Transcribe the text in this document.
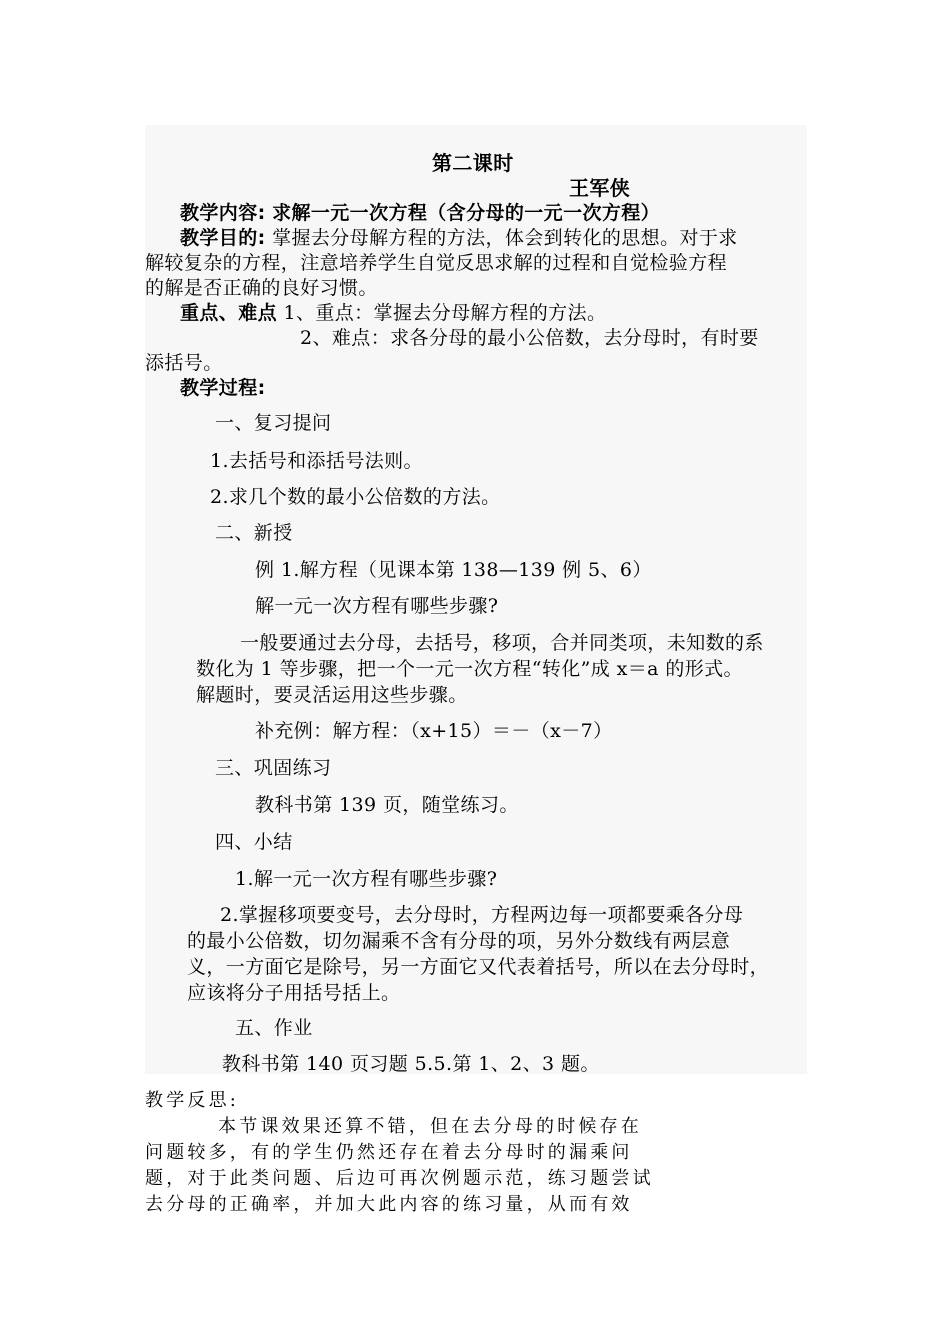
第二课时
王军侠
教学内容: 求解一元一次方程（含分母的一元一次方程）
教学目的: 掌握去分母解方程的方法，体会到转化的思想。对于求
解较复杂的方程，注意培养学生自觉反思求解的过程和自觉检验方程
的解是否正确的良好习惯。
重点、难点 1、重点：掌握去分母解方程的方法。
2、难点：求各分母的最小公倍数，去分母时，有时要
添括号。
教学过程:
一、复习提问
1.去括号和添括号法则。
2.求几个数的最小公倍数的方法。
二、新授
例 1.解方程（见课本第 138—139 例 5、6）
解一元一次方程有哪些步骤?
一般要通过去分母，去括号，移项，合并同类项，未知数的系
数化为 1 等步骤，把一个一元一次方程“转化”成 x＝a 的形式。
解题时，要灵活运用这些步骤。
补充例：解方程：（x+15）＝－（x－7）
三、巩固练习
教科书第 139 页，随堂练习。
四、小结
1.解一元一次方程有哪些步骤?
2.掌握移项要变号，去分母时，方程两边每一项都要乘各分母
的最小公倍数，切勿漏乘不含有分母的项，另外分数线有两层意
义，一方面它是除号，另一方面它又代表着括号，所以在去分母时，
应该将分子用括号括上。
五、作业
教科书第 140 页习题 5.5.第 1、2、3 题。
教学反思:
本节课效果还算不错，但在去分母的时候存在
问题较多，有的学生仍然还存在着去分母时的漏乘问
题，对于此类问题、后边可再次例题示范，练习题尝试
去分母的正确率，并加大此内容的练习量，从而有效
